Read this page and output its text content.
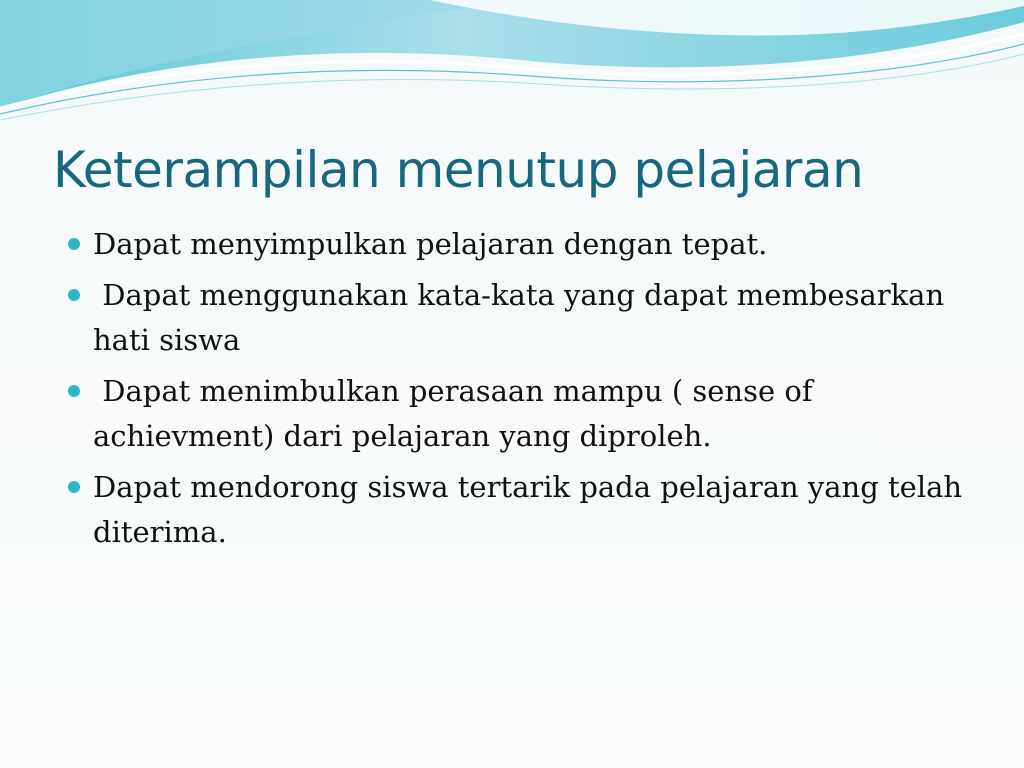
Keterampilan menutup pelajaran
Dapat menyimpulkan pelajaran dengan tepat.
Dapat menggunakan kata-kata yang dapat membesarkan hati siswa
Dapat menimbulkan perasaan mampu ( sense of achievment) dari pelajaran yang diproleh.
Dapat mendorong siswa tertarik pada pelajaran yang telah diterima.
